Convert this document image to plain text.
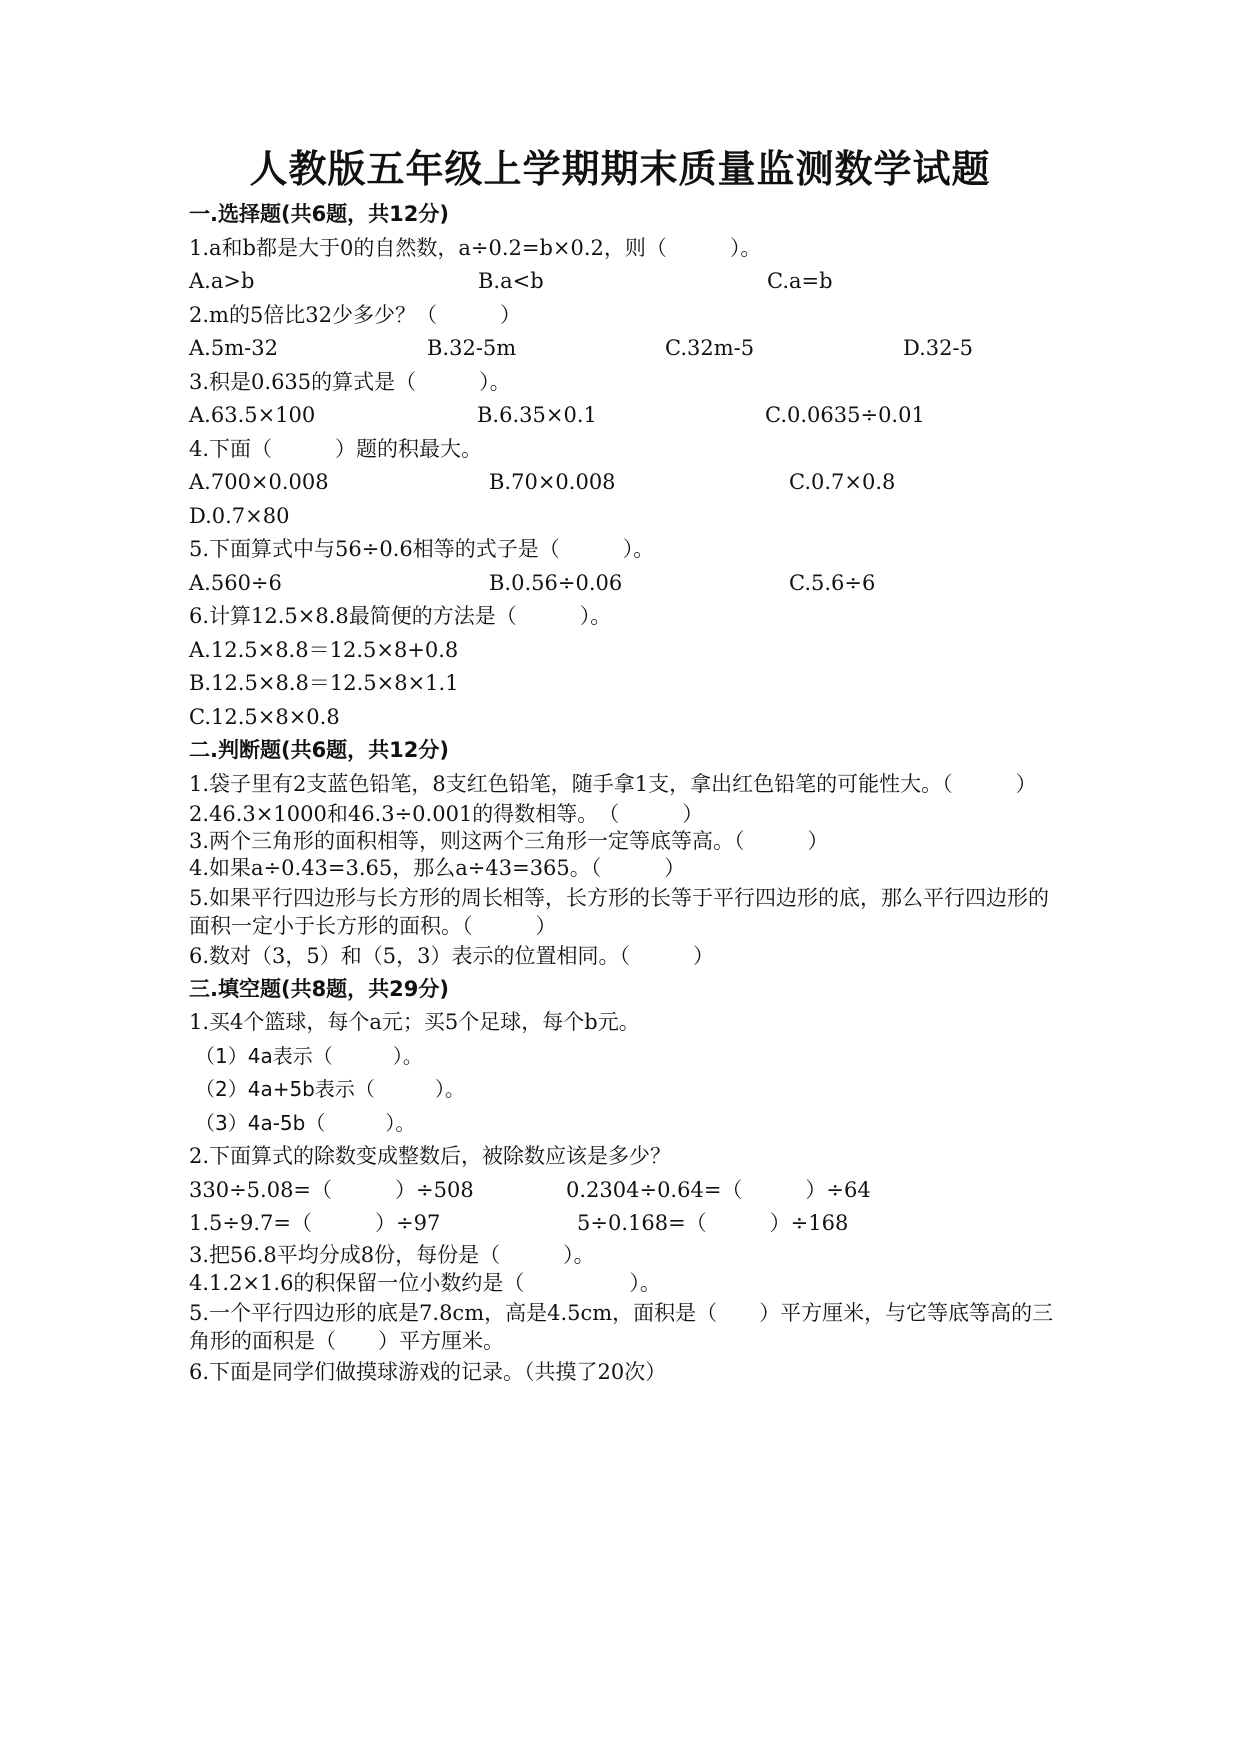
人教版五年级上学期期末质量监测数学试题
一.选择题(共6题，共12分)
1.a和b都是大于0的自然数，a÷0.2=b×0.2，则（　　　）。
A.a>b	B.a<b	C.a=b
2.m的5倍比32少多少？（　　　）
A.5m-32	B.32-5m	C.32m-5	D.32-5
3.积是0.635的算式是（　　　）。
A.63.5×100	B.6.35×0.1	C.0.0635÷0.01
4.下面（　　　）题的积最大。
A.700×0.008	B.70×0.008	C.0.7×0.8
D.0.7×80
5.下面算式中与56÷0.6相等的式子是（　　　）。
A.560÷6	B.0.56÷0.06	C.5.6÷6
6.计算12.5×8.8最简便的方法是（　　　）。
A.12.5×8.8＝12.5×8+0.8
B.12.5×8.8＝12.5×8×1.1
C.12.5×8×0.8
二.判断题(共6题，共12分)
1.袋子里有2支蓝色铅笔，8支红色铅笔，随手拿1支，拿出红色铅笔的可能性大。（　　　）
2.46.3×1000和46.3÷0.001的得数相等。　（　　　）
3.两个三角形的面积相等，则这两个三角形一定等底等高。（　　　）
4.如果a÷0.43=3.65，那么a÷43=365。（　　　）
5.如果平行四边形与长方形的周长相等，长方形的长等于平行四边形的底，那么平行四边形的面积一定小于长方形的面积。（　　　）
6.数对（3，5）和（5，3）表示的位置相同。（　　　）
三.填空题(共8题，共29分)
1.买4个篮球，每个a元；买5个足球，每个b元。
（1）4a表示（　　　）。
（2）4a+5b表示（　　　）。
（3）4a-5b（　　　）。
2.下面算式的除数变成整数后，被除数应该是多少？
330÷5.08=（　　　）÷508	0.2304÷0.64=（　　　）÷64
1.5÷9.7=（　　　）÷97	5÷0.168=（　　　）÷168
3.把56.8平均分成8份，每份是（　　　）。
4.1.2×1.6的积保留一位小数约是（　　　　　）。
5.一个平行四边形的底是7.8cm，高是4.5cm，面积是（　　）平方厘米，与它等底等高的三角形的面积是（　　）平方厘米。
6.下面是同学们做摸球游戏的记录。（共摸了20次）
